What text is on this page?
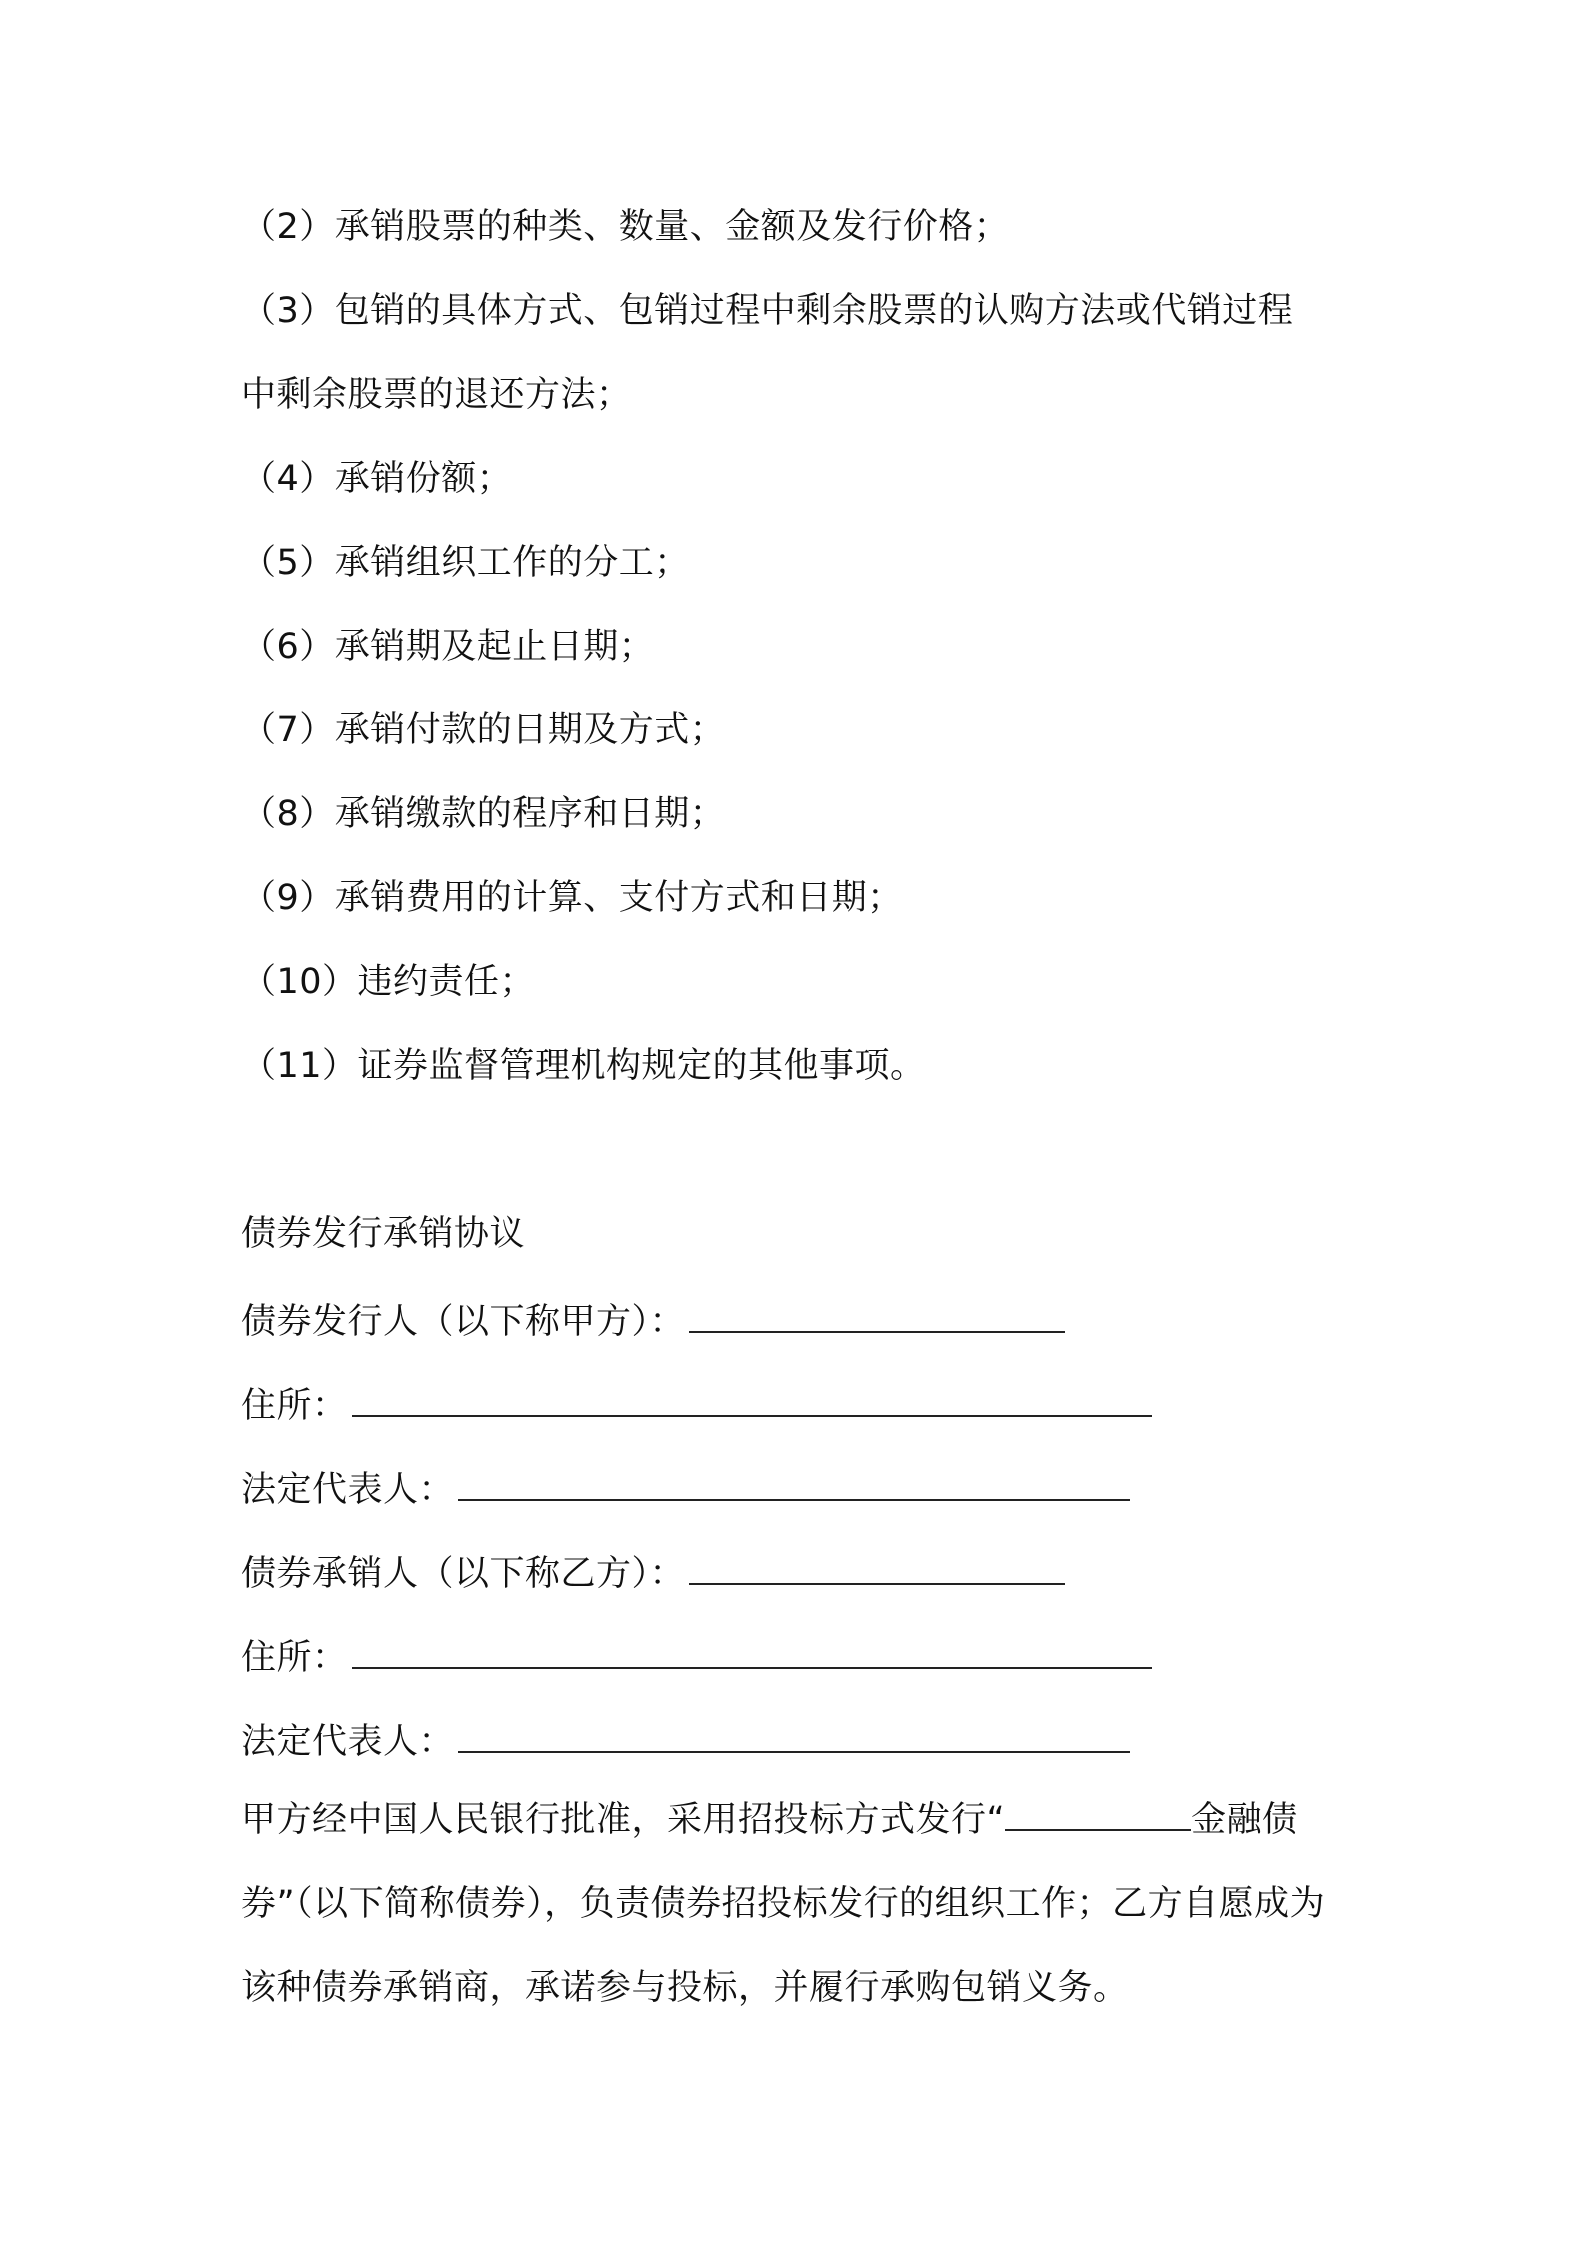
（2）承销股票的种类、数量、金额及发行价格；
（3）包销的具体方式、包销过程中剩余股票的认购方法或代销过程
中剩余股票的退还方法；
（4）承销份额；
（5）承销组织工作的分工；
（6）承销期及起止日期；
（7）承销付款的日期及方式；
（8）承销缴款的程序和日期；
（9）承销费用的计算、支付方式和日期；
（10）违约责任；
（11）证券监督管理机构规定的其他事项。
债券发行承销协议
债券发行人（以下称甲方）：
住所：
法定代表人：
债券承销人（以下称乙方）：
住所：
法定代表人：
甲方经中国人民银行批准，采用招投标方式发行“	金融债券”（以下简称债券），负责债券招投标发行的组织工作；乙方自愿成为该种债券承销商，承诺参与投标，并履行承购包销义务。
